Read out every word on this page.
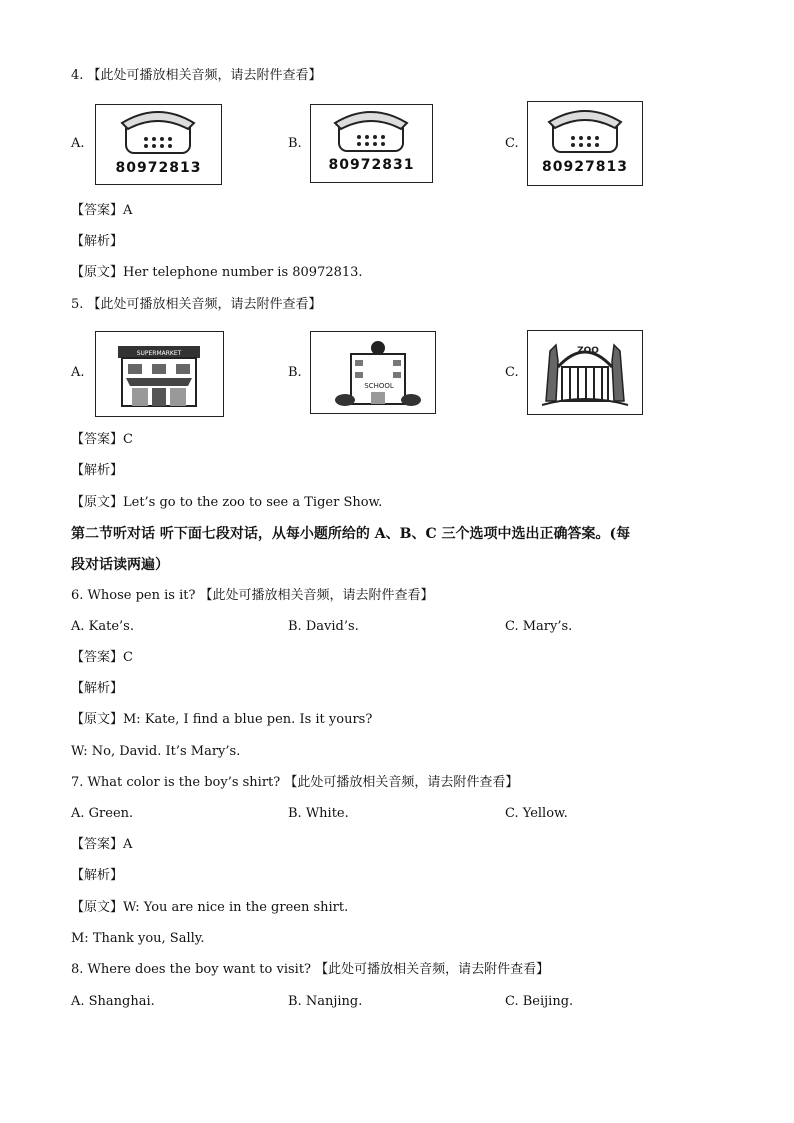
4. 【此处可播放相关音频，请去附件查看】
A.
80972813
B.
80972831
C.
80927813
【答案】A
【解析】
【原文】Her telephone number is 80972813.
5. 【此处可播放相关音频，请去附件查看】
A.
SUPERMARKET
B.
SCHOOL
C.
ZOO
【答案】C
【解析】
【原文】Let’s go to the zoo to see a Tiger Show.
第二节听对话 听下面七段对话，从每小题所给的 A、B、C 三个选项中选出正确答案。(每
段对话读两遍）
6. Whose pen is it? 【此处可播放相关音频，请去附件查看】
A. Kate’s.	B. David’s.	C. Mary’s.
【答案】C
【解析】
【原文】M: Kate, I find a blue pen. Is it yours?
W: No, David. It’s Mary’s.
7. What color is the boy’s shirt? 【此处可播放相关音频，请去附件查看】
A. Green.	B. White.	C. Yellow.
【答案】A
【解析】
【原文】W: You are nice in the green shirt.
M: Thank you, Sally.
8. Where does the boy want to visit? 【此处可播放相关音频，请去附件查看】
A. Shanghai.	B. Nanjing.	C. Beijing.
